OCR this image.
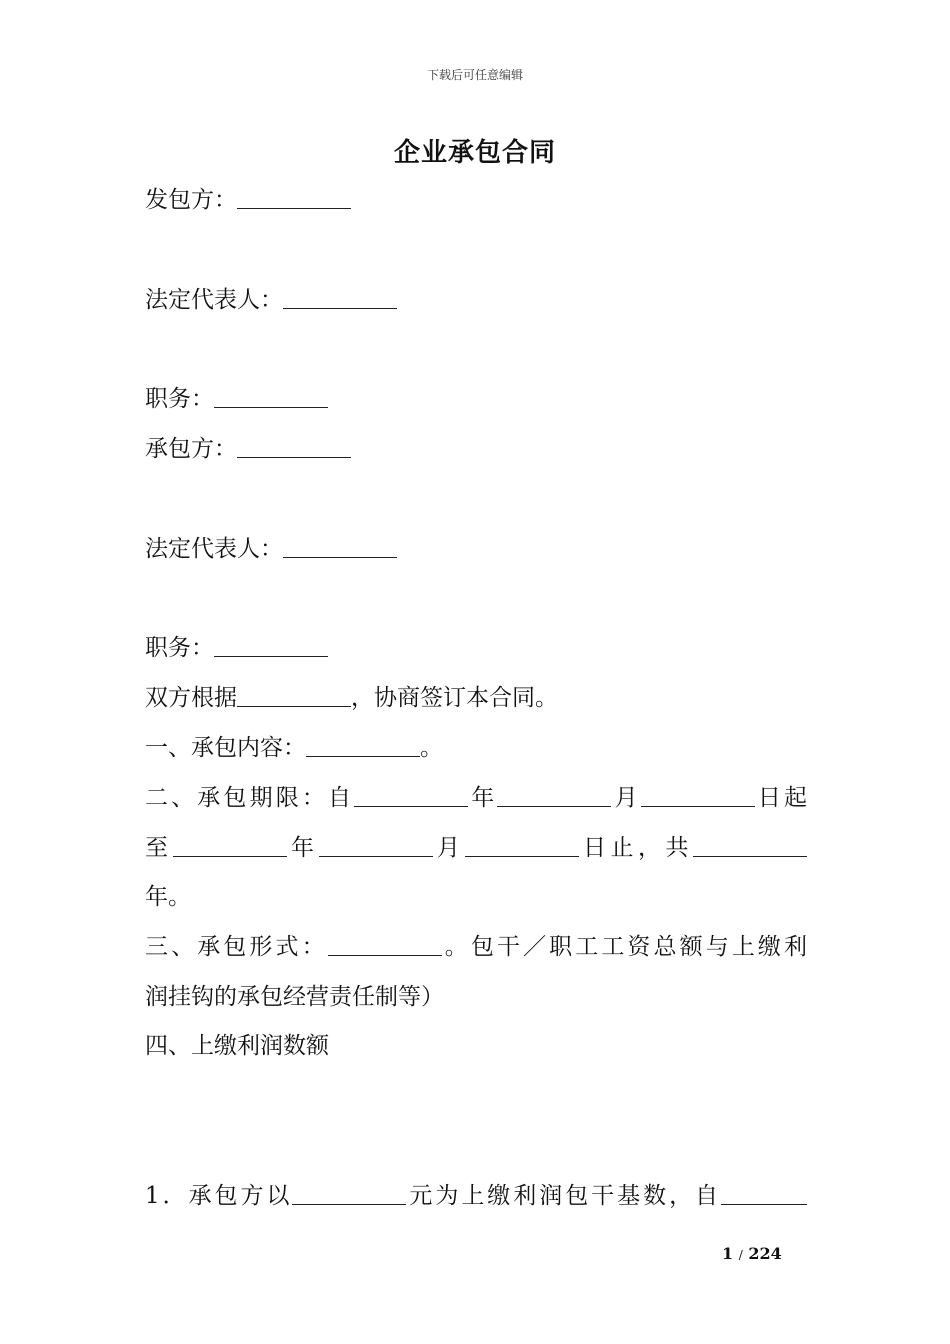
下载后可任意编辑
企业承包合同
发包方：
法定代表人：
职务：
承包方：
法定代表人：
职务：
双方根据	，协商签订本合同。
一、承包内容：	。
二、承包期限：自	年	月	日起
至	年	月	日止，共
年。
三、承包形式：	。包干／职工工资总额与上缴利
润挂钩的承包经营责任制等）
四、上缴利润数额
1．承包方以	元为上缴利润包干基数，自
1 / 224
